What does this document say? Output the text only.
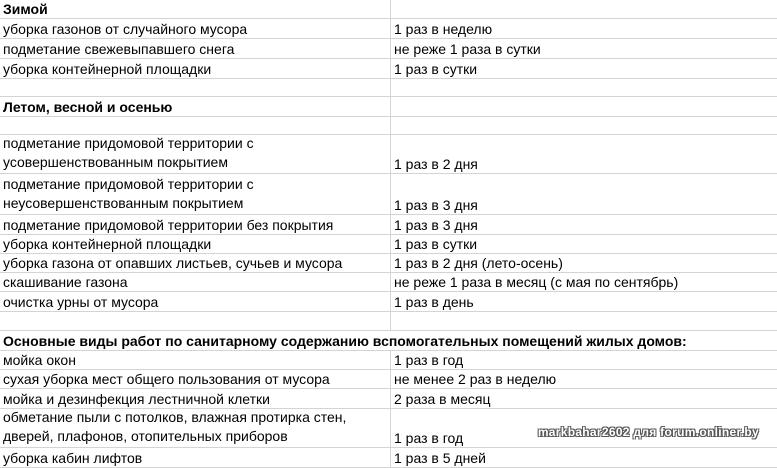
Зимой
уборка газонов от случайного мусора	1 раз в неделю
подметание свежевыпавшего снега	не реже 1 раза в сутки
уборка контейнерной площадки	1 раз в сутки
Летом, весной и осенью
подметание придомовой территории с усовершенствованным покрытием	1 раз в 2 дня
подметание придомовой территории с неусовершенствованным покрытием	1 раз в 3 дня
подметание придомовой территории без покрытия	1 раз в 3 дня
уборка контейнерной площадки	1 раз в сутки
уборка газона от опавших листьев, сучьев и мусора	1 раз в 2 дня (лето-осень)
скашивание газона	не реже 1 раза в месяц (с мая по сентябрь)
очистка урны от мусора	1 раз в день
Основные виды работ по санитарному содержанию вспомогательных помещений жилых домов:
мойка окон	1 раз в год
сухая уборка мест общего пользования от мусора	не менее 2 раз в неделю
мойка и дезинфекция лестничной клетки	2 раза в месяц
обметание пыли с потолков, влажная протирка стен, дверей, плафонов, отопительных приборов	1 раз в год
уборка кабин лифтов	1 раз в 5 дней
markbahar2602 для forum.onliner.by
